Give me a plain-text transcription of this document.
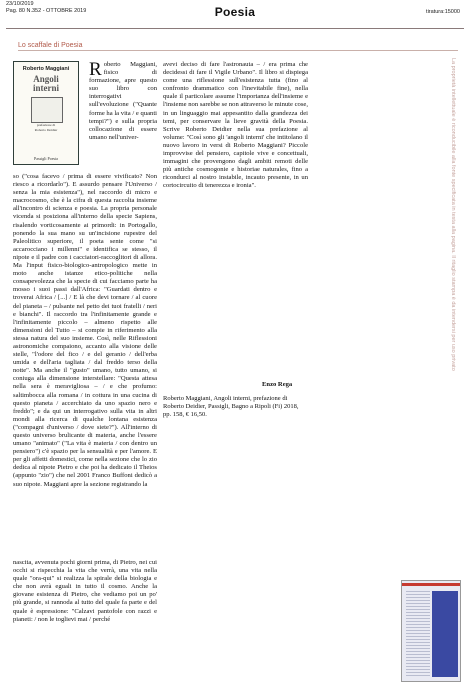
23/10/2019
Pag. 80 N.352 - OTTOBRE 2019	Poesia	tiratura:15000
Lo scaffale di Poesia
Roberto Maggiani
Angoli
interni
prefazione di
Roberto Deidier
Passigli Poesia

Roberto Maggiani, fisico di formazione, apre questo suo libro con interrogativi sull'evoluzione ("Quante forme ha la vita / e quanti tempi?") e sulla propria collocazione di essere umano nell'univer-

so ("cosa facevo / prima di essere vivificato? Non riesco a ricordarlo"). E assurdo pensare l'Universo / senza la mia esistenza"), nel raccordo di micro e macrocosmo, che è la cifra di questa raccolta insieme all'incontro di scienza e poesia. La propria personale vicenda si posiziona all'interno della specie Sapiens, risalendo vorticosamente ai primordi: in Portogallo, ponendo la sua mano su un'incisione rupestre del Paleolitico superiore, il poeta sente come "si accarocciano i millenni" e identifica se stesso, il nipote e il padre con i cacciatori-raccoglitori di allora. Ma l'input fisico-biologico-antropologico mette in moto anche istanze etico-politiche nella consapevolezza che la specie di cui facciamo parte ha mosso i suoi passi dall'Africa: "Guardati dentro e troverai Africa / [...] / E là che devi tornare / al cuore del pianeta – / pulsante nel petto dei tuoi fratelli / neri e bianchi". Il raccordo tra l'infinitamente grande e l'infinitamente piccolo – almeno rispetto alle dimensioni del Tutto – si compie in riferimento alla stessa natura del suo insieme. Così, nelle Riflessioni astronomiche compaiono, accanto alla visione delle stelle, "l'odore del fico / e del geranio / dell'erba umida e dell'aria tagliata / dal freddo terso della notte". Ma anche il "gusto" umano, tutto umano, si coniuga alla dimensione interstellare: "Questa attesa nella sera è meravigliosa – / e che profumo: saltimbocca alla romana / in cottura in una cucina di questo pianeta / accerchiato da uno spazio nero e freddo"; e da qui un interrogativo sulla vita in altri mondi alla ricerca di qualche lontana esistenza ("compagni d'universo / dove siete?"). All'interno di questo universo brulicante di materia, anche l'essere umano "animato" ("La vita è materia / con dentro un pensiero") c'è spazio per la sensualità e per l'amore. E per gli affetti domestici, come nella sezione che lo zio dedica al nipote Pietro e che poi ha dedicato il Theios (appunto "zio") che nel 2001 Franco Buffoni dedicò a suo nipote. Maggiani apre la sezione registrando la

avevi deciso di fare l'astronauta – / era prima che decidessi di fare il Vigile Urbano". Il libro si dispiega come una riflessione sull'esistenza tutta (fino al confronto drammatico con l'inevitabile fine), nella quale il particolare assume l'importanza dell'insieme e l'insieme non sarebbe se non attraverso le minute cose, in un linguaggio mai appesantito dalla grandezza dei temi, per conservare la lieve gravità della Poesia. Scrive Roberto Deidier nella sua prefazione al volume: "Così sono gli 'angoli interni' che intitolano il nuovo lavoro in versi di Roberto Maggiani? Piccole improvvise del pensiero, capitole vive e concettuali, immagini che provengono dagli ambiti remoti delle più antiche cosmogonie e historiae naturales, fino a ricondurci al nostro instabile, incauto presente, in un cortocircuito di tenerezza e ironia".

Enzo Rega
Roberto Maggiani, Angoli interni, prefazione di Roberto Deidier, Passigli, Bagno a Ripoli (Fi) 2018, pp. 158, € 16,50.

nascita, avvenuta pochi giorni prima, di Pietro, nei cui occhi si rispecchia la vita che verrà, una vita nella quale "ora-qui" si realizza la spirale della biologia e che non avrà eguali in tutto il cosmo. Anche la giovane esistenza di Pietro, che vediamo poi un po' più grande, si rannoda al tutto del quale fa parte e del quale è espressione: "Calzavi pantofole con razzi e pianeti: / non le toglievi mai / perché

La proprietà intellettuale è riconducibile alla fonte specificata in testa alla pagina. Il ritaglio stampa è da intendersi per uso privato
